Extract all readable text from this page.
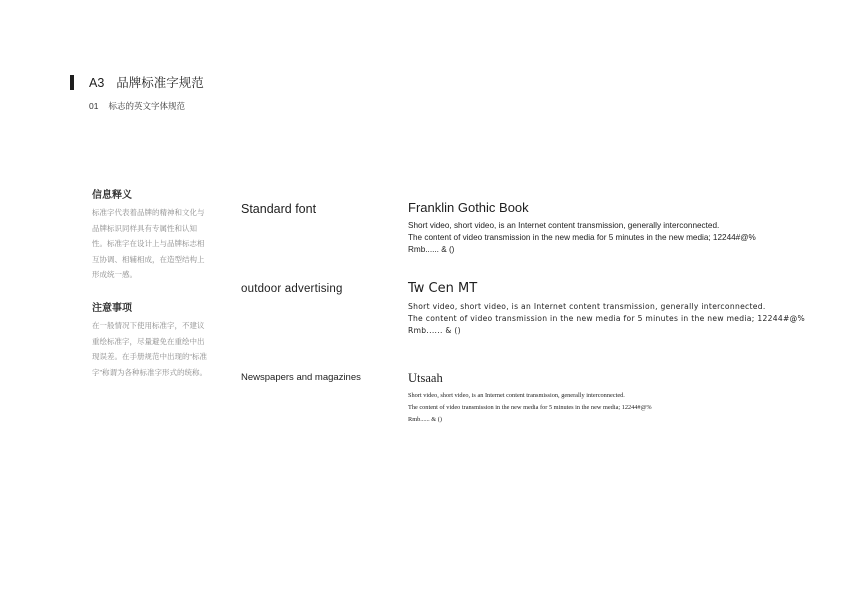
A3 品牌标准字规范
01 标志的英文字体规范
信息释义
标准字代表着品牌的精神和文化与品牌标识同样具有专属性和认知性。标准字在设计上与品牌标志相互协调、相辅相成，在造型结构上形成统一感。
注意事项
在一般情况下使用标准字，不建议重绘标准字，尽量避免在重绘中出现误差。在手册规范中出现的“标准字”称谓为各种标准字形式的统称。
Standard font	Franklin Gothic Book
Short video, short video, is an Internet content transmission, generally interconnected.
The content of video transmission in the new media for 5 minutes in the new media; 12244#@%
Rmb...... & ()
outdoor advertising	Tw Cen MT
Short video, short video, is an Internet content transmission, generally interconnected.
The content of video transmission in the new media for 5 minutes in the new media; 12244#@%
Rmb...... & ()
Newspapers and magazines	Utsaah
Short video, short video, is an Internet content transmission, generally interconnected.
The content of video transmission in the new media for 5 minutes in the new media; 12244#@%
Rmb...... & ()
